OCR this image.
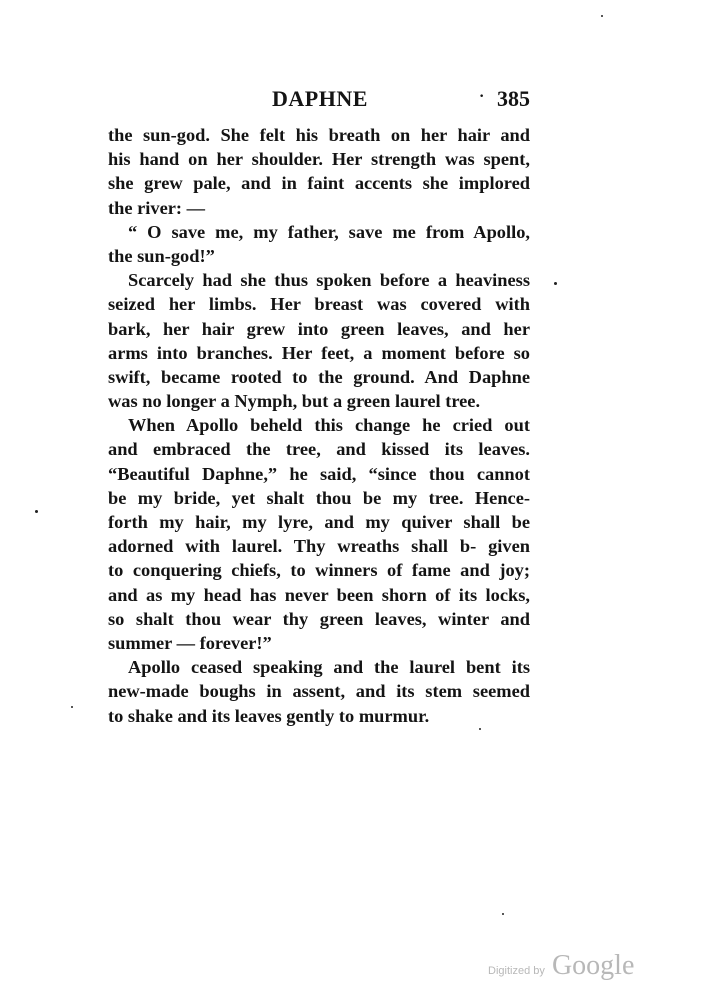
DAPHNE	· 385
the sun-god. She felt his breath on her hair and
his hand on her shoulder. Her strength was spent,
she grew pale, and in faint accents she implored
the river: —
“ O save me, my father, save me from Apollo,
the sun-god!”
Scarcely had she thus spoken before a heaviness
seized her limbs. Her breast was covered with
bark, her hair grew into green leaves, and her
arms into branches. Her feet, a moment before so
swift, became rooted to the ground. And Daphne
was no longer a Nymph, but a green laurel tree.
When Apollo beheld this change he cried out
and embraced the tree, and kissed its leaves.
“Beautiful Daphne,” he said, “since thou cannot
be my bride, yet shalt thou be my tree. Hence-
forth my hair, my lyre, and my quiver shall be
adorned with laurel. Thy wreaths shall b- given
to conquering chiefs, to winners of fame and joy;
and as my head has never been shorn of its locks,
so shalt thou wear thy green leaves, winter and
summer — forever!”
Apollo ceased speaking and the laurel bent its
new-made boughs in assent, and its stem seemed
to shake and its leaves gently to murmur.
Digitized by Google
